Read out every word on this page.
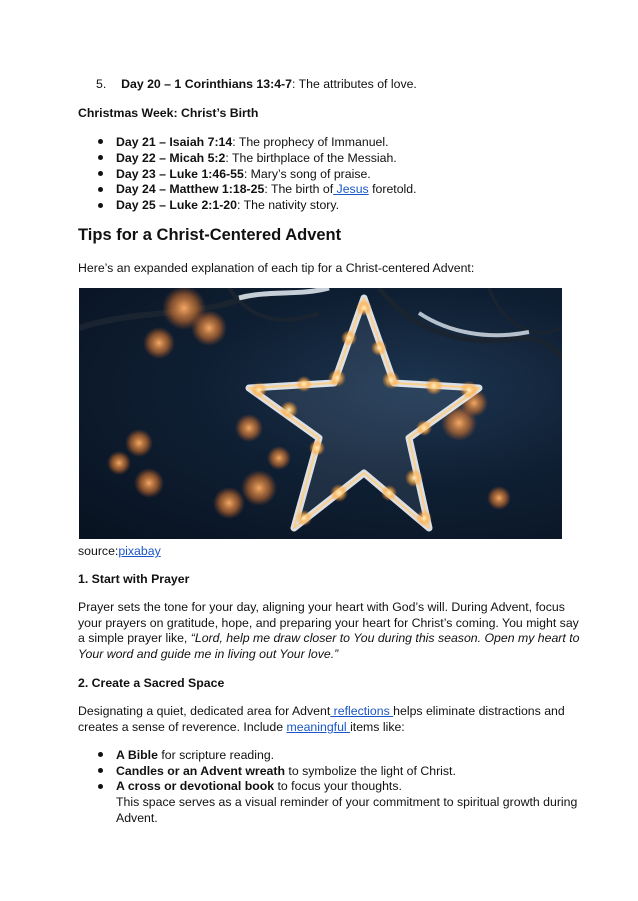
5. Day 20 – 1 Corinthians 13:4-7: The attributes of love.
Christmas Week: Christ’s Birth
Day 21 – Isaiah 7:14: The prophecy of Immanuel.
Day 22 – Micah 5:2: The birthplace of the Messiah.
Day 23 – Luke 1:46-55: Mary’s song of praise.
Day 24 – Matthew 1:18-25: The birth of Jesus foretold.
Day 25 – Luke 2:1-20: The nativity story.
Tips for a Christ-Centered Advent
Here’s an expanded explanation of each tip for a Christ-centered Advent:
source:pixabay
1. Start with Prayer
Prayer sets the tone for your day, aligning your heart with God’s will. During Advent, focus
your prayers on gratitude, hope, and preparing your heart for Christ’s coming. You might say
a simple prayer like, “Lord, help me draw closer to You during this season. Open my heart to
Your word and guide me in living out Your love.”
2. Create a Sacred Space
Designating a quiet, dedicated area for Advent reflections helps eliminate distractions and
creates a sense of reverence. Include meaningful items like:
A Bible for scripture reading.
Candles or an Advent wreath to symbolize the light of Christ.
A cross or devotional book to focus your thoughts.
This space serves as a visual reminder of your commitment to spiritual growth during
Advent.
